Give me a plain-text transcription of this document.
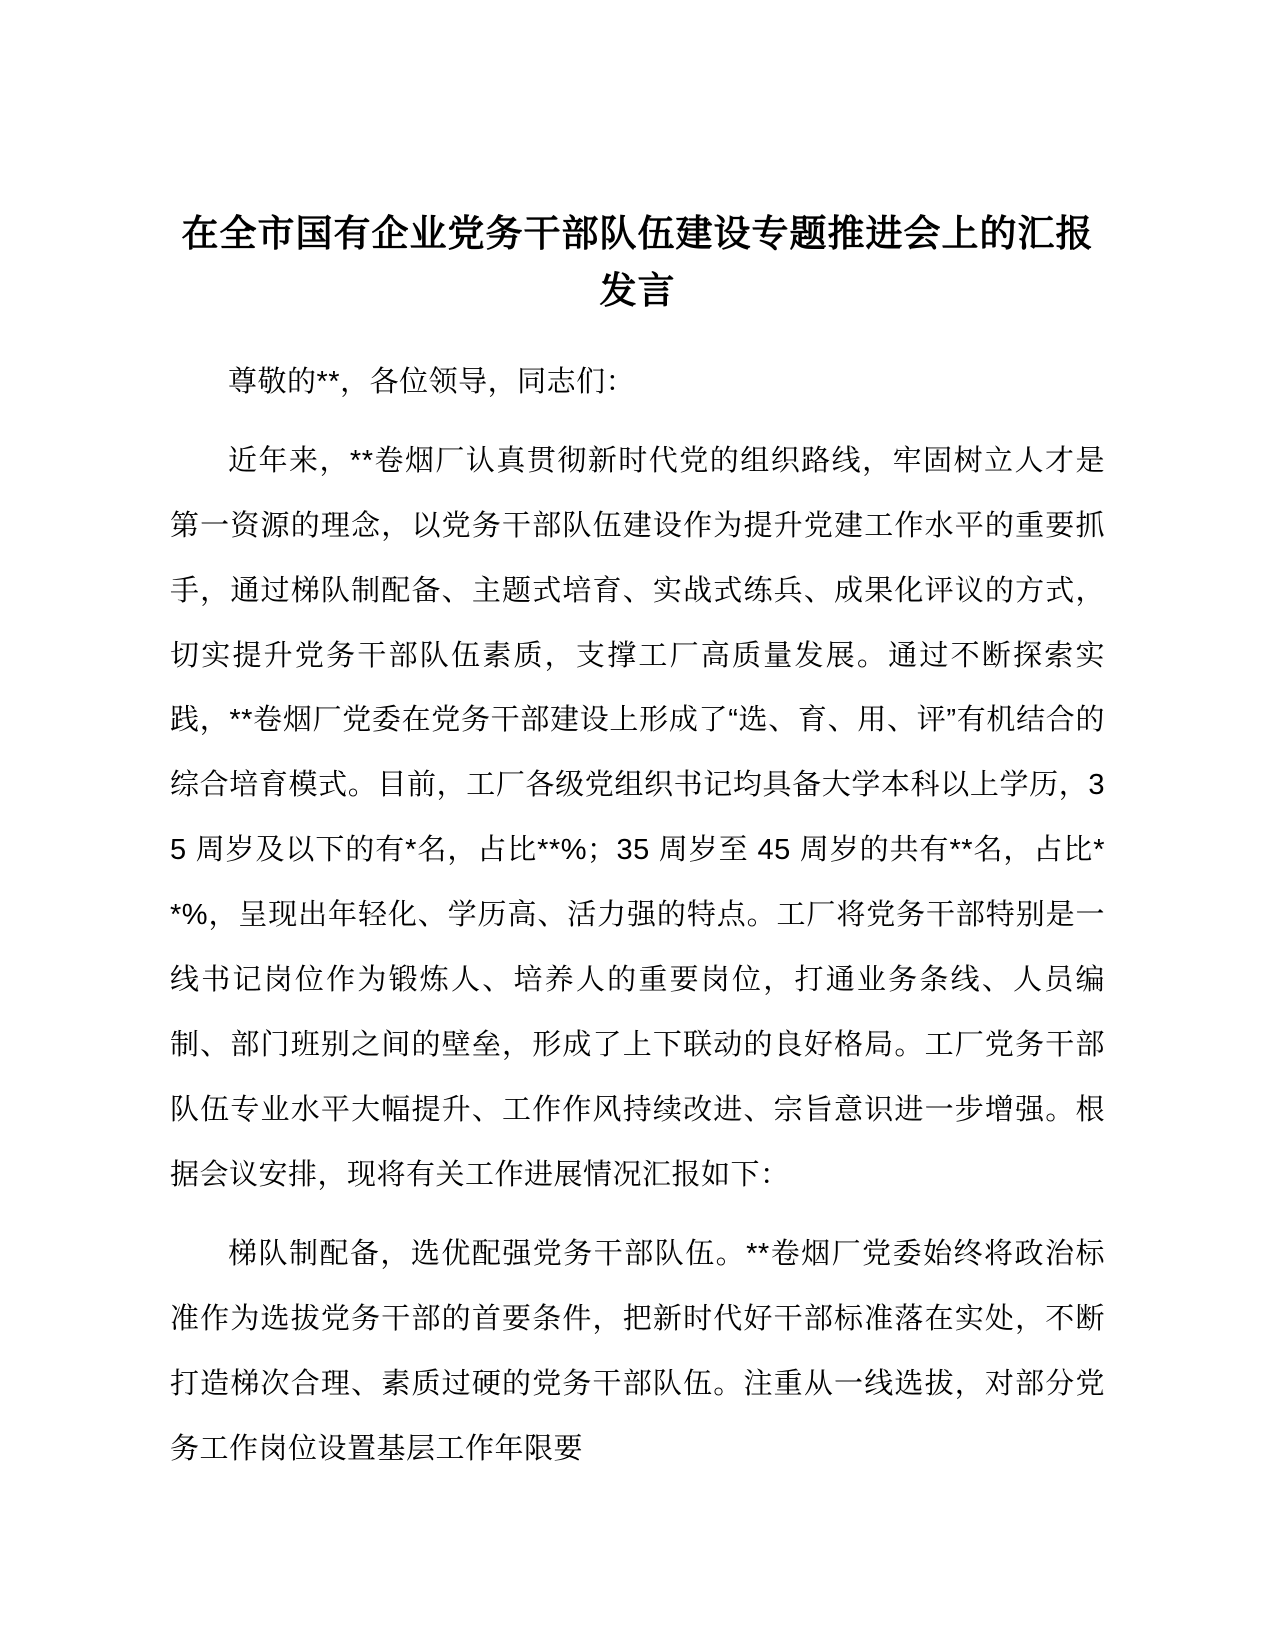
在全市国有企业党务干部队伍建设专题推进会上的汇报发言

尊敬的**，各位领导，同志们：

近年来，**卷烟厂认真贯彻新时代党的组织路线，牢固树立人才是第一资源的理念，以党务干部队伍建设作为提升党建工作水平的重要抓手，通过梯队制配备、主题式培育、实战式练兵、成果化评议的方式，切实提升党务干部队伍素质，支撑工厂高质量发展。通过不断探索实践，**卷烟厂党委在党务干部建设上形成了“选、育、用、评”有机结合的综合培育模式。目前，工厂各级党组织书记均具备大学本科以上学历，35 周岁及以下的有*名，占比**%；35 周岁至 45 周岁的共有**名，占比**%，呈现出年轻化、学历高、活力强的特点。工厂将党务干部特别是一线书记岗位作为锻炼人、培养人的重要岗位，打通业务条线、人员编制、部门班别之间的壁垒，形成了上下联动的良好格局。工厂党务干部队伍专业水平大幅提升、工作作风持续改进、宗旨意识进一步增强。根据会议安排，现将有关工作进展情况汇报如下：

梯队制配备，选优配强党务干部队伍。**卷烟厂党委始终将政治标准作为选拔党务干部的首要条件，把新时代好干部标准落在实处，不断打造梯次合理、素质过硬的党务干部队伍。注重从一线选拔，对部分党务工作岗位设置基层工作年限要
